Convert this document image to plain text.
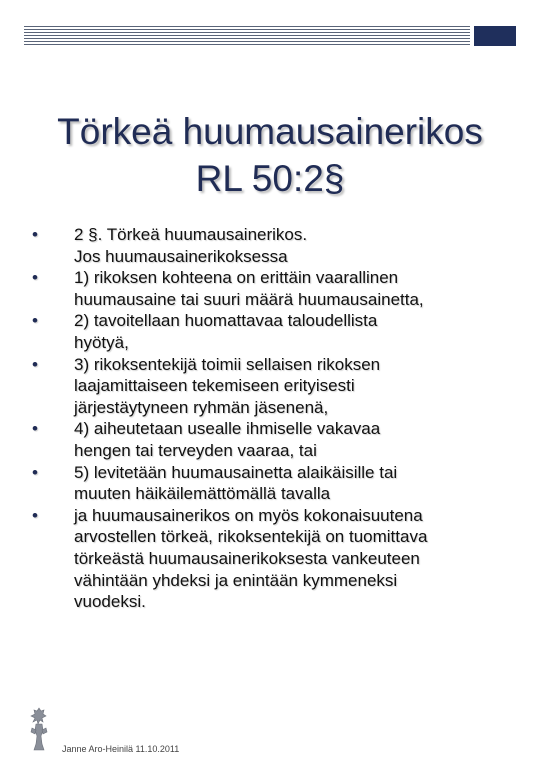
Törkeä huumausainerikos
RL 50:2§
•	2 §. Törkeä huumausainerikos.
Jos huumausainerikoksessa
•	1) rikoksen kohteena on erittäin vaarallinen
huumausaine tai suuri määrä huumausainetta,
•	2) tavoitellaan huomattavaa taloudellista
hyötyä,
•	3) rikoksentekijä toimii sellaisen rikoksen
laajamittaiseen tekemiseen erityisesti
järjestäytyneen ryhmän jäsenenä,
•	4) aiheutetaan usealle ihmiselle vakavaa
hengen tai terveyden vaaraa, tai
•	5) levitetään huumausainetta alaikäisille tai
muuten häikäilemättömällä tavalla
•	ja huumausainerikos on myös kokonaisuutena
arvostellen törkeä, rikoksentekijä on tuomittava
törkeästä huumausainerikoksesta vankeuteen
vähintään yhdeksi ja enintään kymmeneksi
vuodeksi.
Janne Aro-Heinilä 11.10.2011
